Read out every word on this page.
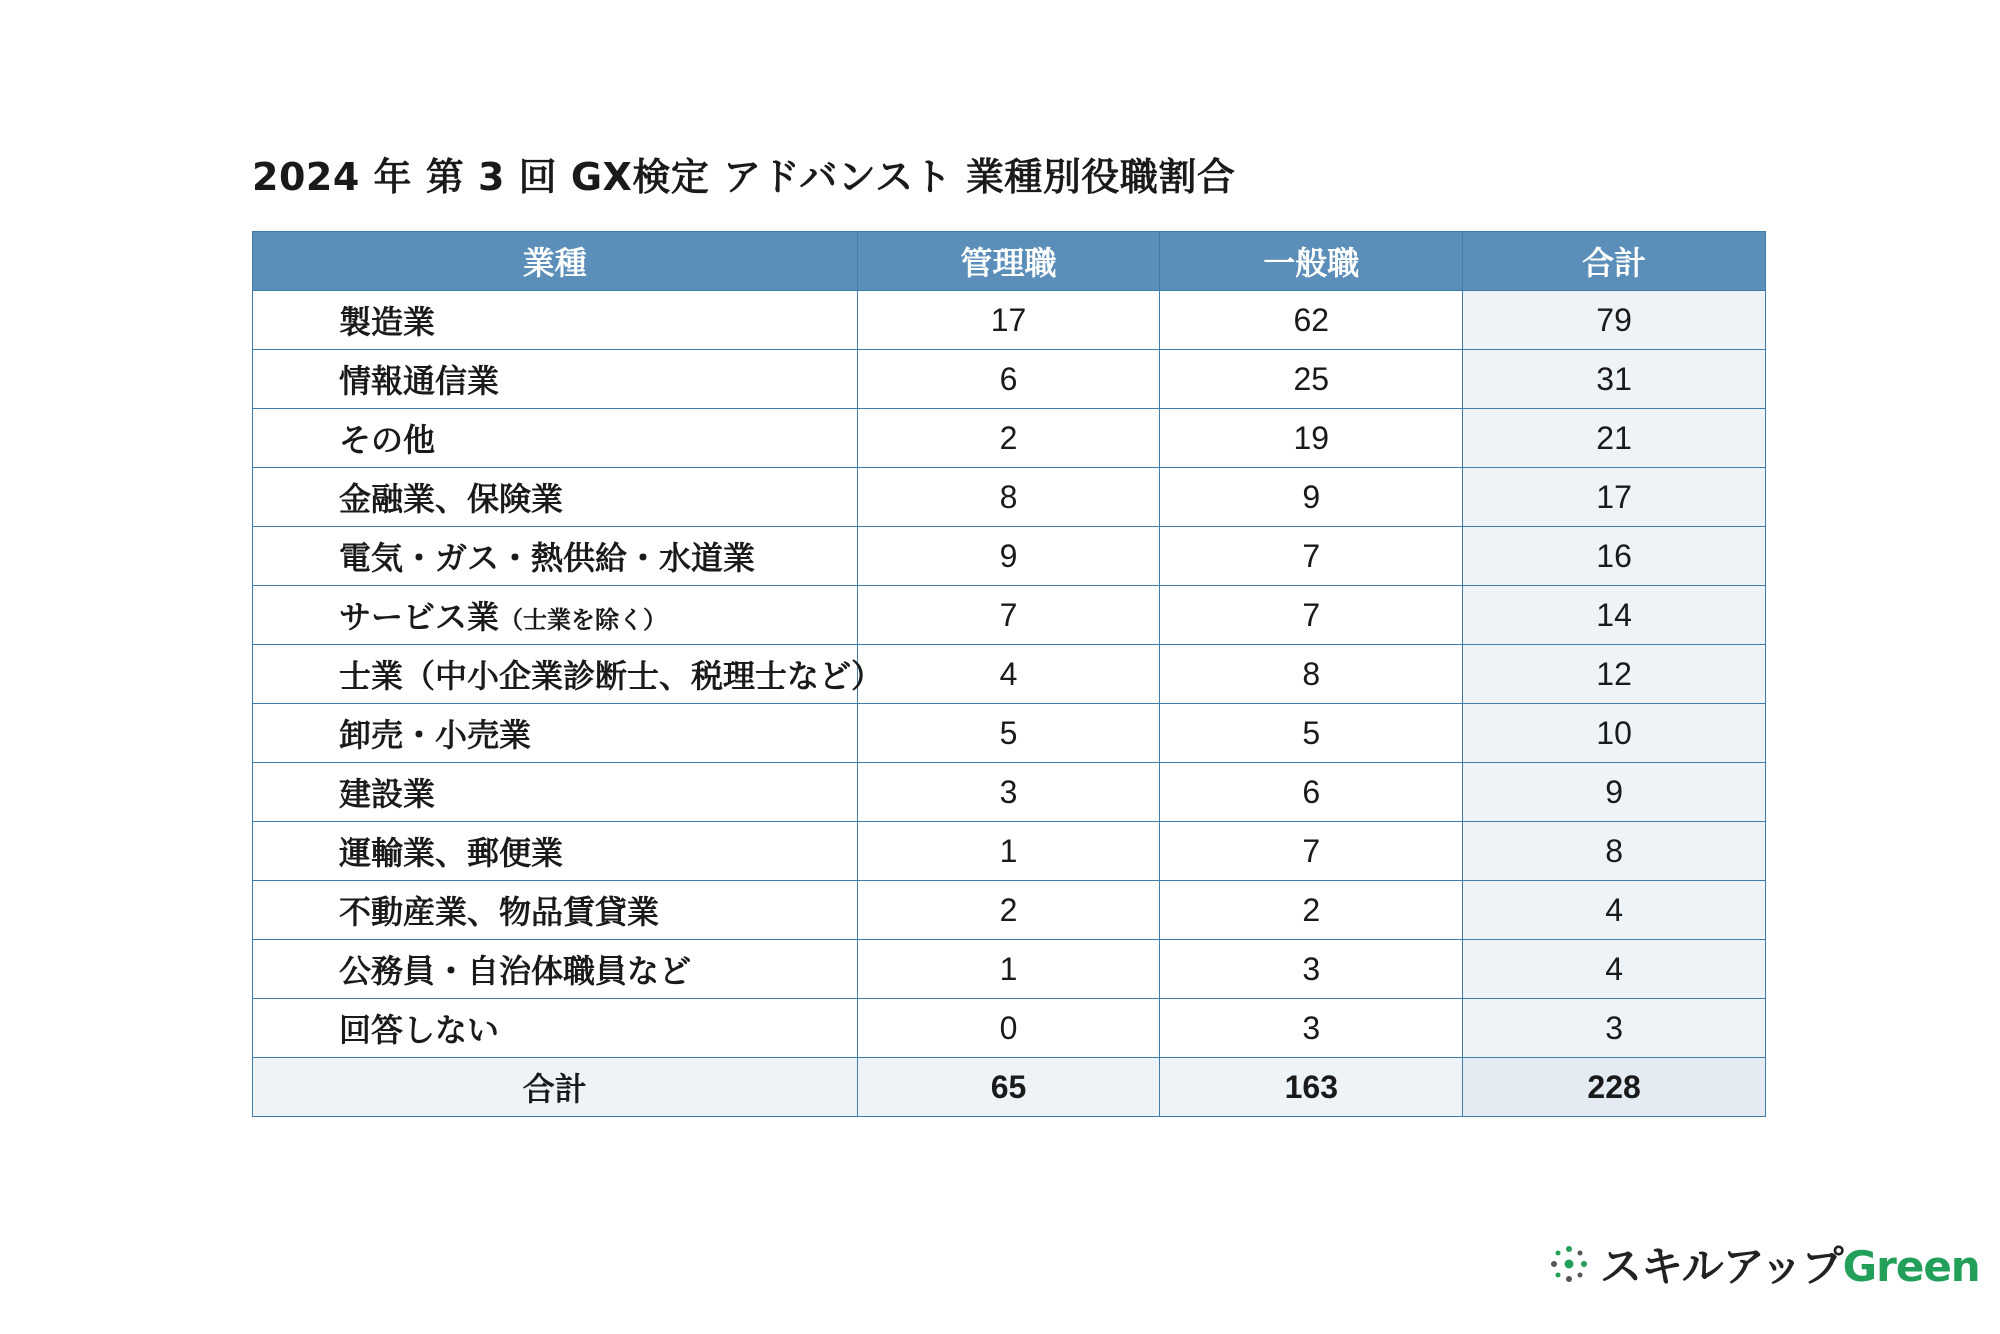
2024 年 第 3 回 GX検定 アドバンスト 業種別役職割合
業種	管理職	一般職	合計
製造業	17	62	79
情報通信業	6	25	31
その他	2	19	21
金融業、保険業	8	9	17
電気・ガス・熱供給・水道業	9	7	16
サービス業（士業を除く）	7	7	14
士業（中小企業診断士、税理士など）	4	8	12
卸売・小売業	5	5	10
建設業	3	6	9
運輸業、郵便業	1	7	8
不動産業、物品賃貸業	2	2	4
公務員・自治体職員など	1	3	4
回答しない	0	3	3
合計	65	163	228
スキルアップGreen
